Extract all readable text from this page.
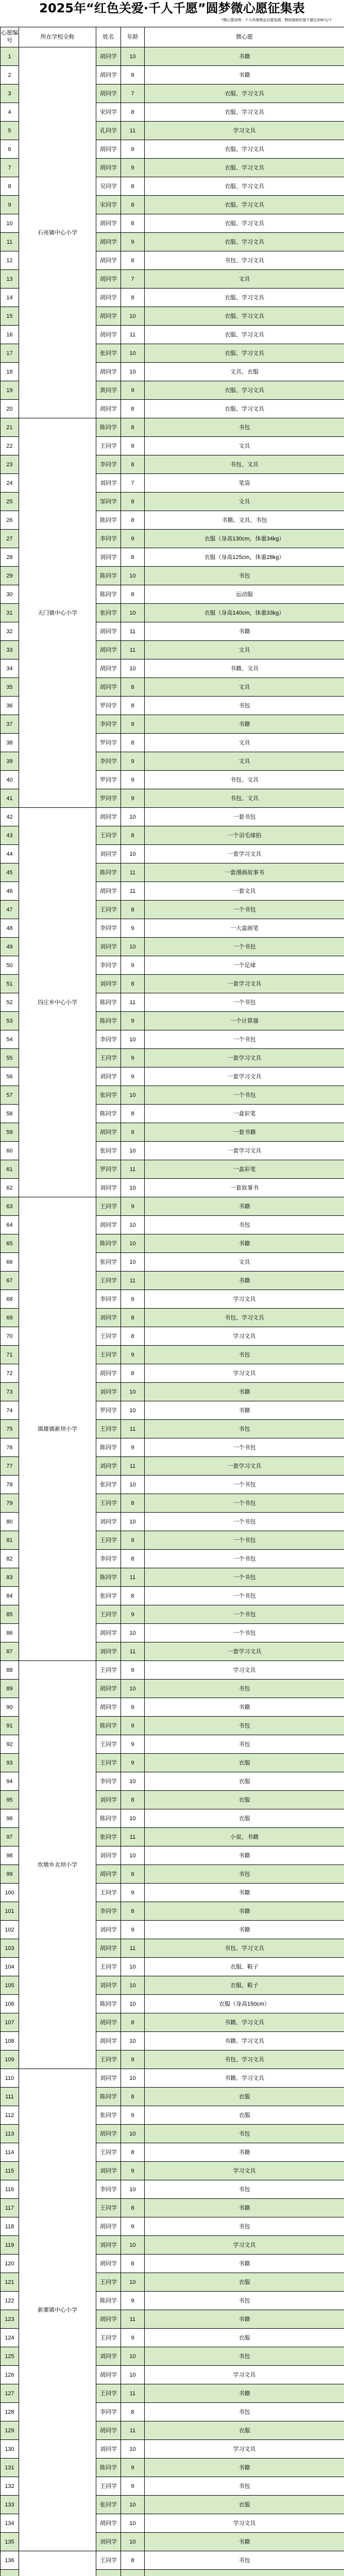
2025年“红色关爱·千人千愿”圆梦微心愿征集表
*微心愿说明：个人所需物品自愿选填，物质援助价值不超过200元/个
心愿编号	所在学校全称	姓名	年龄	微心愿
1	石亮镇中心小学	胡同学	10	书籍
2		胡同学	8	书籍
3		胡同学	7	衣服、学习文具
4		宋同学	8	衣服、学习文具
5		孔同学	11	学习文具
6		胡同学	9	衣服、学习文具
7		胡同学	9	衣服、学习文具
8		吴同学	8	衣服、学习文具
9		宋同学	8	衣服、学习文具
10		胡同学	8	衣服、学习文具
11		胡同学	9	衣服、学习文具
12		胡同学	8	书包、学习文具
13		胡同学	7	文具
14		胡同学	8	衣服、学习文具
15		胡同学	10	衣服、学习文具
16		胡同学	11	衣服、学习文具
17		张同学	10	衣服、学习文具
18		胡同学	10	文具、衣服
19		黄同学	9	衣服、学习文具
20		胡同学	8	衣服、学习文具
21	天门镇中心小学	陈同学	8	书包
22		王同学	9	文具
23		李同学	8	书包、文具
24		刘同学	7	笔袋
25		邹同学	8	文具
26		陈同学	8	书籍、文具、书包
27		李同学	9	衣服（身高130cm，体重34kg）
28		刘同学	8	衣服（身高125cm，体重28kg）
29		陈同学	10	书包
30		陈同学	8	运动服
31		张同学	10	衣服（身高140cm，体重33kg）
32		胡同学	11	书籍
33		胡同学	11	文具
34		胡同学	10	书籍、文具
35		胡同学	8	文具
36		罗同学	8	书包
37		李同学	9	书籍
38		罗同学	8	文具
39		李同学	9	文具
40		罗同学	9	书包、文具
41		罗同学	9	书包、文具
42	四庄乡中心小学	胡同学	10	一套书包
43		王同学	8	一个羽毛球拍
44		刘同学	10	一套学习文具
45		陈同学	11	一套漫画故事书
46		胡同学	11	一套文具
47		王同学	8	一个书包
48		李同学	9	一大盒画笔
49		刘同学	10	一个书包
50		李同学	9	一个足球
51		刘同学	8	一套学习文具
52		陈同学	11	一个书包
53		陈同学	9	一个计算器
54		李同学	10	一个书包
55		王同学	9	一套学习文具
56		刘同学	9	一套学习文具
57		张同学	10	一个书包
58		陈同学	8	一盒彩笔
59		胡同学	9	一套书籍
60		张同学	10	一套学习文具
61		罗同学	11	一盒彩笔
62		刘同学	10	一套故事书
63	镇雄镇新坝小学	王同学	9	书籍
64		胡同学	10	书包
65		陈同学	10	书籍
66		张同学	10	文具
67		王同学	11	书籍
68		李同学	9	学习文具
69		刘同学	8	书包、学习文具
70		王同学	8	学习文具
71		王同学	9	书包
72		胡同学	8	学习文具
73		刘同学	10	书籍
74		罗同学	10	书籍
75		王同学	11	书包
76		陈同学	9	一个书包
77		刘同学	11	一套学习文具
78		张同学	10	一个书包
79		王同学	8	一个书包
80		刘同学	10	一个书包
81		王同学	9	一个书包
82		李同学	8	一个书包
83		陈同学	11	一个书包
84		张同学	8	一个书包
85		王同学	9	一个书包
86		胡同学	10	一个书包
87		刘同学	11	一套学习文具
88	坎墩乡北坝小学	王同学	9	学习文具
89		胡同学	10	书包
90		胡同学	9	书籍
91		陈同学	9	书包
92		王同学	9	书包
93		王同学	9	衣服
94		李同学	10	衣服
95		刘同学	8	衣服
96		陈同学	10	衣服
97		张同学	11	小说、书籍
98		刘同学	10	书籍
99		胡同学	8	书包
100		王同学	9	书籍
101		李同学	8	书籍
102		刘同学	9	书籍
103		胡同学	11	书包、学习文具
104		王同学	10	衣服、鞋子
105		刘同学	10	衣服、鞋子
106		陈同学	10	衣服（身高150cm）
107		胡同学	8	书籍、学习文具
108		胡同学	10	书籍、学习文具
109		王同学	9	书包、学习文具
110	新寨镇中心小学	刘同学	10	书籍、学习文具
111		陈同学	8	衣服
112		张同学	9	衣服
113		胡同学	10	书包
114		王同学	8	书籍
115		刘同学	9	学习文具
116		李同学	10	书包
117		王同学	8	书籍
118		胡同学	9	书包
119		刘同学	10	学习文具
120		胡同学	8	书籍
121		王同学	10	衣服
122		陈同学	9	书包
123		胡同学	11	书籍
124		王同学	9	衣服
125		刘同学	10	书包
126		胡同学	10	学习文具
127		王同学	11	书籍
128		李同学	8	书包
129		胡同学	11	衣服
130		刘同学	10	学习文具
131		陈同学	9	书籍
132		王同学	9	书包
133		张同学	10	衣服
134		胡同学	10	学习文具
135		刘同学	10	书籍
136		王同学	8	书包
